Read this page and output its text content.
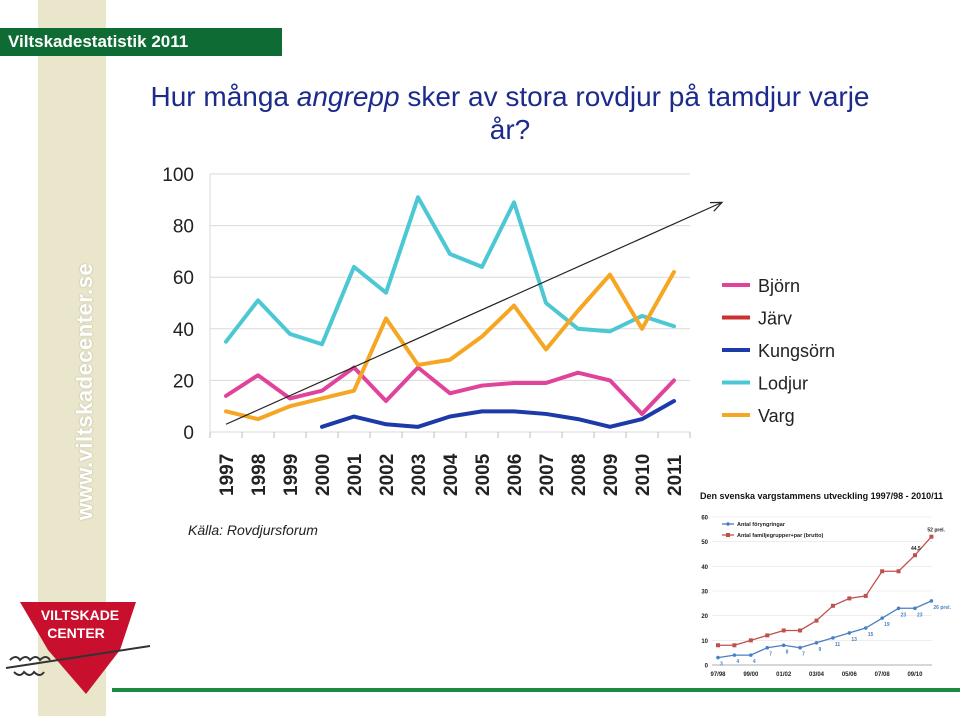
Viltskadestatistik 2011
www.viltskadecenter.se
Hur många angrepp sker av stora rovdjur på tamdjur varje år?
0
20
40
60
80
100
1997 1998 1999 2000 2001 2002 2003 2004 2005 2006 2007 2008 2009 2010 2011
Björn
Järv
Kungsörn
Lodjur
Varg
Den svenska vargstammens utveckling 1997/98 - 2010/11
0
10
20
30
40
50
60
97/98	99/00	01/02	03/04	05/06	07/08	09/10
3	4	4
7	8	7
9
11
13
15
19
23 23
26 prel.
Antal föryngringar
44,5
52 prel.
Antal familjegrupper+par (brutto)
Källa: Rovdjursforum
VILTSKADE
CENTER
